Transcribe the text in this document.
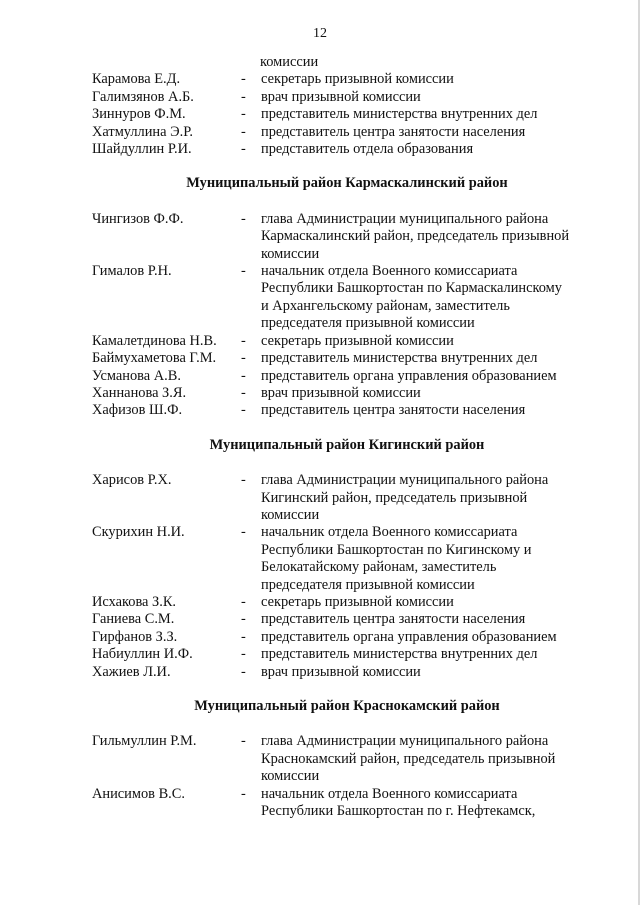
12
комиссии
Карамова Е.Д.	-	секретарь призывной комиссии
Галимзянов А.Б.	-	врач призывной комиссии
Зиннуров Ф.М.	-	представитель министерства внутренних дел
Хатмуллина Э.Р.	-	представитель центра занятости населения
Шайдуллин Р.И.	-	представитель отдела образования
Муниципальный район Кармаскалинский район
Чингизов Ф.Ф.	-	глава Администрации муниципального района
Кармаскалинский район, председатель призывной
комиссии
Гималов Р.Н.	-	начальник отдела Военного комиссариата
Республики Башкортостан по Кармаскалинскому
и Архангельскому районам, заместитель
председателя призывной комиссии
Камалетдинова Н.В.	-	секретарь призывной комиссии
Баймухаметова Г.М.	-	представитель министерства внутренних дел
Усманова А.В.	-	представитель органа управления образованием
Ханнанова З.Я.	-	врач призывной комиссии
Хафизов Ш.Ф.	-	представитель центра занятости населения
Муниципальный район Кигинский район
Харисов Р.Х.	-	глава Администрации муниципального района
Кигинский район, председатель призывной
комиссии
Скурихин Н.И.	-	начальник отдела Военного комиссариата
Республики Башкортостан по Кигинскому и
Белокатайскому районам, заместитель
председателя призывной комиссии
Исхакова З.К.	-	секретарь призывной комиссии
Ганиева С.М.	-	представитель центра занятости населения
Гирфанов З.З.	-	представитель органа управления образованием
Набиуллин И.Ф.	-	представитель министерства внутренних дел
Хажиев Л.И.	-	врач призывной комиссии
Муниципальный район Краснокамский район
Гильмуллин Р.М.	-	глава Администрации муниципального района
Краснокамский район, председатель призывной
комиссии
Анисимов В.С.	-	начальник отдела Военного комиссариата
Республики Башкортостан по г. Нефтекамск,
